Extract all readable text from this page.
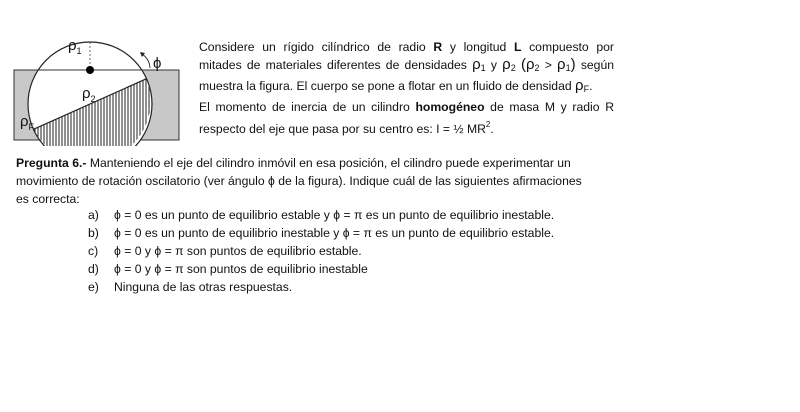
$\rho_1$
$\rho_2$
$\rho_F$
ϕ
Considere un rígido cilíndrico de radio R y longitud L compuesto por
mitades de materiales diferentes de densidades $\rho_1$ y $\rho_2$ $(\rho_2 > \rho_1)$ según
muestra la figura. El cuerpo se pone a flotar en un fluido de densidad $\rho_F$.
El momento de inercia de un cilindro homogéneo de masa M y radio R
respecto del eje que pasa por su centro es: I = ½ $MR^2$.
Pregunta 6.- Manteniendo el eje del cilindro inmóvil en esa posición, el cilindro puede experimentar un
movimiento de rotación oscilatorio (ver ángulo ϕ de la figura). Indique cuál de las siguientes afirmaciones
es correcta:
a) ϕ = 0 es un punto de equilibrio estable y ϕ = π es un punto de equilibrio inestable.
b) ϕ = 0 es un punto de equilibrio inestable y ϕ = π es un punto de equilibrio estable.
c) ϕ = 0 y ϕ = π son puntos de equilibrio estable.
d) ϕ = 0 y ϕ = π son puntos de equilibrio inestable
e) Ninguna de las otras respuestas.
